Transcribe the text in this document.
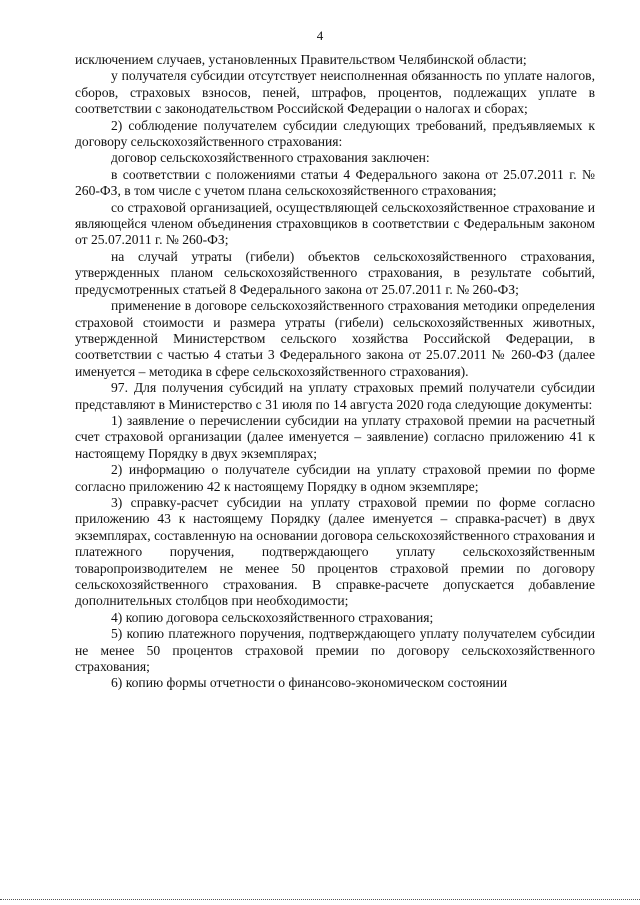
4

исключением случаев, установленных Правительством Челябинской области;

у получателя субсидии отсутствует неисполненная обязанность по уплате налогов, сборов, страховых взносов, пеней, штрафов, процентов, подлежащих уплате в соответствии с законодательством Российской Федерации о налогах и сборах;

2) соблюдение получателем субсидии следующих требований, предъявляемых к договору сельскохозяйственного страхования:

договор сельскохозяйственного страхования заключен:

в соответствии с положениями статьи 4 Федерального закона от 25.07.2011 г. № 260-ФЗ, в том числе с учетом плана сельскохозяйственного страхования;

со страховой организацией, осуществляющей сельскохозяйственное страхование и являющейся членом объединения страховщиков в соответствии с Федеральным законом от 25.07.2011 г. № 260-ФЗ;

на случай утраты (гибели) объектов сельскохозяйственного страхования, утвержденных планом сельскохозяйственного страхования, в результате событий, предусмотренных статьей 8 Федерального закона от 25.07.2011 г. № 260-ФЗ;

применение в договоре сельскохозяйственного страхования методики определения страховой стоимости и размера утраты (гибели) сельскохозяйственных животных, утвержденной Министерством сельского хозяйства Российской Федерации, в соответствии с частью 4 статьи 3 Федерального закона от 25.07.2011 № 260-ФЗ (далее именуется – методика в сфере сельскохозяйственного страхования).

97. Для получения субсидий на уплату страховых премий получатели субсидии представляют в Министерство с 31 июля по 14 августа 2020 года следующие документы:

1) заявление о перечислении субсидии на уплату страховой премии на расчетный счет страховой организации (далее именуется – заявление) согласно приложению 41 к настоящему Порядку в двух экземплярах;

2) информацию о получателе субсидии на уплату страховой премии по форме согласно приложению 42 к настоящему Порядку в одном экземпляре;

3) справку-расчет субсидии на уплату страховой премии по форме согласно приложению 43 к настоящему Порядку (далее именуется – справка-расчет) в двух экземплярах, составленную на основании договора сельскохозяйственного страхования и платежного поручения, подтверждающего уплату сельскохозяйственным товаропроизводителем не менее 50 процентов страховой премии по договору сельскохозяйственного страхования. В справке-расчете допускается добавление дополнительных столбцов при необходимости;

4) копию договора сельскохозяйственного страхования;

5) копию платежного поручения, подтверждающего уплату получателем субсидии не менее 50 процентов страховой премии по договору сельскохозяйственного страхования;

6) копию формы отчетности о финансово-экономическом состоянии
